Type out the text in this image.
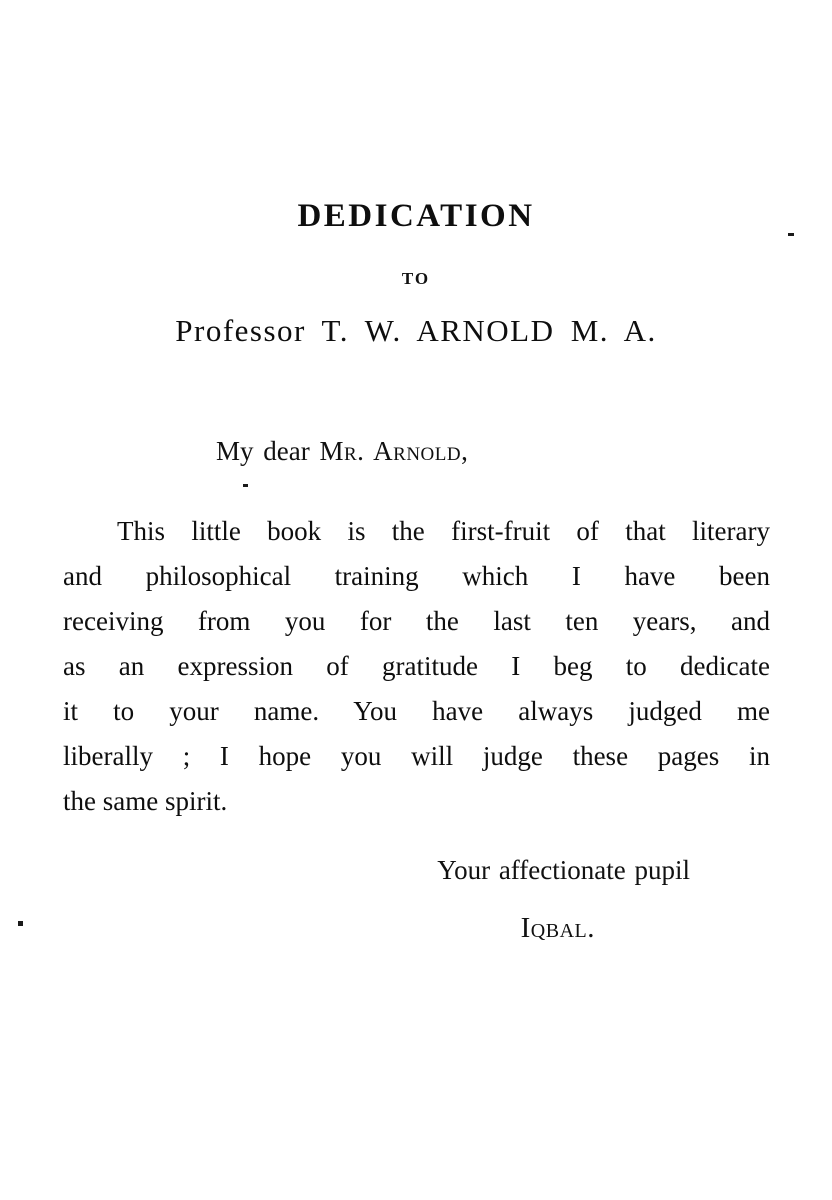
DEDICATION
TO
Professor T. W. ARNOLD M. A.
My dear Mr. Arnold,
This little book is the first-fruit of that literary
and philosophical training which I have been
receiving from you for the last ten years, and
as an expression of gratitude I beg to dedicate
it to your name. You have always judged me
liberally ; I hope you will judge these pages in
the same spirit.
Your affectionate pupil
Iqbal.
